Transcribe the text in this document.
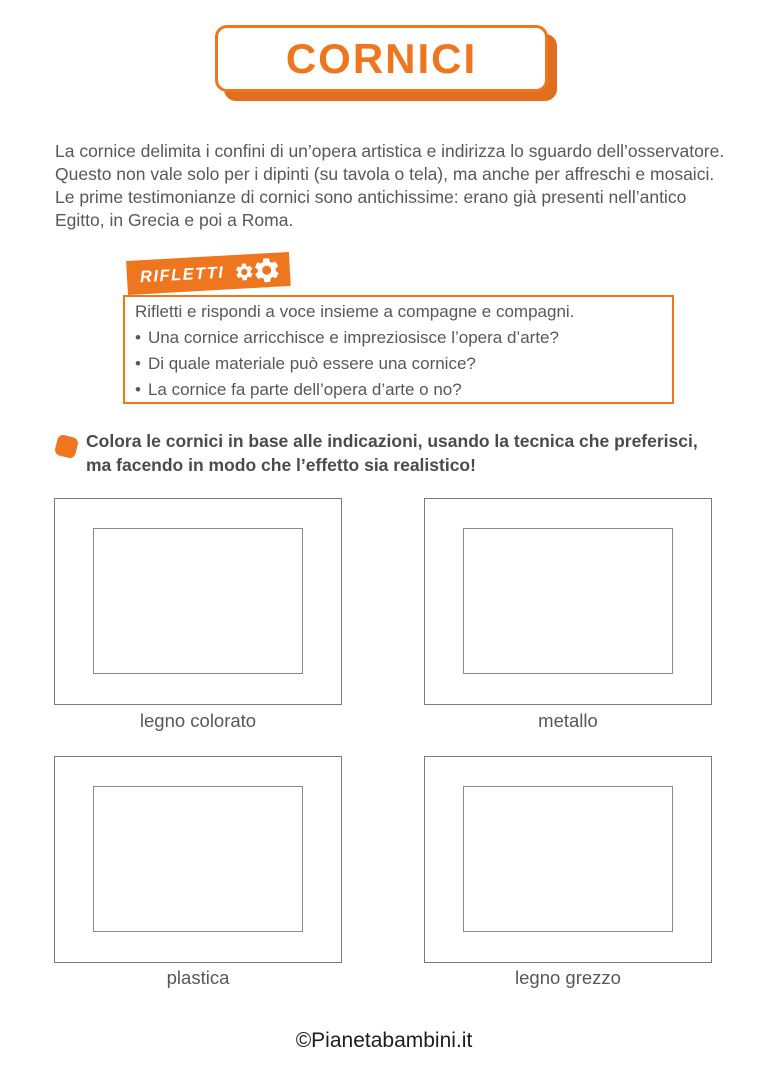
CORNICI

La cornice delimita i confini di un’opera artistica e indirizza lo sguardo dell’osservatore. Questo non vale solo per i dipinti (su tavola o tela), ma anche per affreschi e mosaici. Le prime testimonianze di cornici sono antichissime: erano già presenti nell’antico Egitto, in Grecia e poi a Roma.

RIFLETTI
Rifletti e rispondi a voce insieme a compagne e compagni.
• Una cornice arricchisce e impreziosisce l’opera d’arte?
• Di quale materiale può essere una cornice?
• La cornice fa parte dell’opera d’arte o no?

Colora le cornici in base alle indicazioni, usando la tecnica che preferisci, ma facendo in modo che l’effetto sia realistico!

legno colorato	metallo
plastica	legno grezzo
©Pianetabambini.it
